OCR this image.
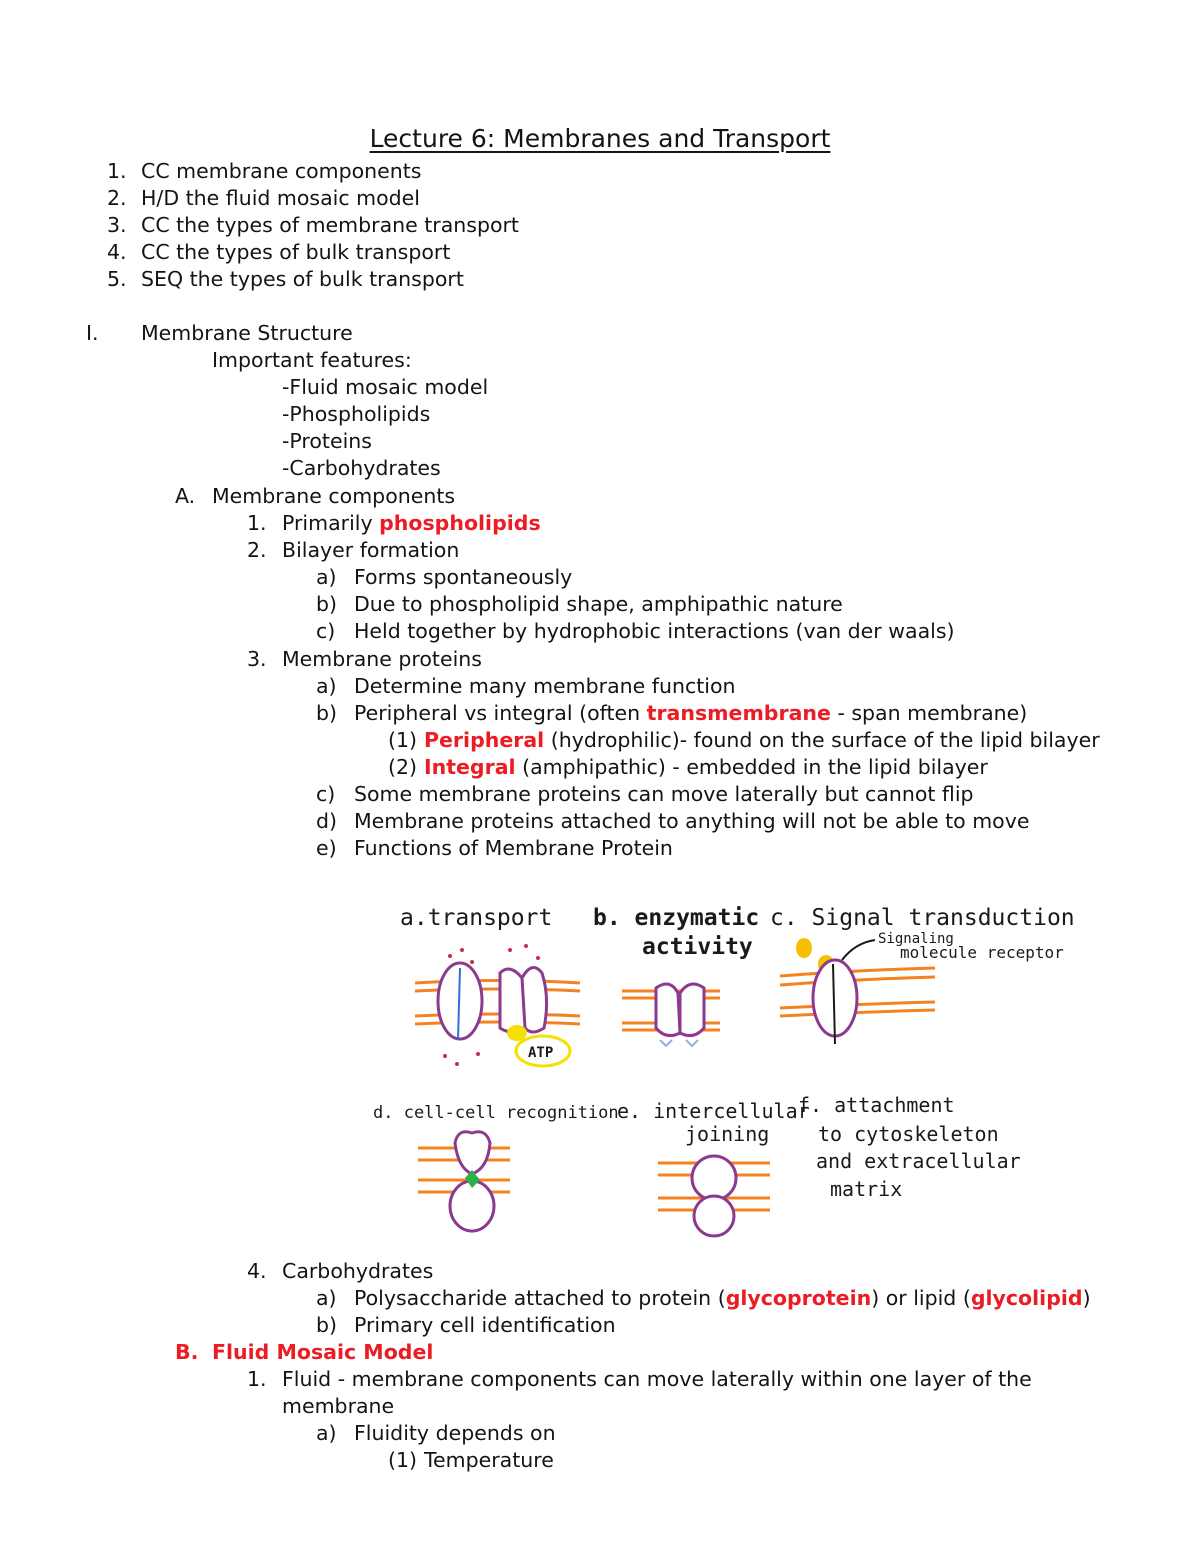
Lecture 6: Membranes and Transport
1. CC membrane components
2. H/D the fluid mosaic model
3. CC the types of membrane transport
4. CC the types of bulk transport
5. SEQ the types of bulk transport
I. Membrane Structure
Important features:
-Fluid mosaic model
-Phospholipids
-Proteins
-Carbohydrates
A. Membrane components
1. Primarily phospholipids
2. Bilayer formation
a) Forms spontaneously
b) Due to phospholipid shape, amphipathic nature
c) Held together by hydrophobic interactions (van der waals)
3. Membrane proteins
a) Determine many membrane function
b) Peripheral vs integral (often transmembrane - span membrane)
(1) Peripheral (hydrophilic)- found on the surface of the lipid bilayer
(2) Integral (amphipathic) - embedded in the lipid bilayer
c) Some membrane proteins can move laterally but cannot flip
d) Membrane proteins attached to anything will not be able to move
e) Functions of Membrane Protein
a.transport
ATP
b. enzymatic
activity
c. Signal transduction
Signaling
molecule receptor
d. cell-cell recognition
e. intercellular
joining
f. attachment
to cytoskeleton
and extracellular
matrix
4. Carbohydrates
a) Polysaccharide attached to protein (glycoprotein) or lipid (glycolipid)
b) Primary cell identification
B. Fluid Mosaic Model
1. Fluid - membrane components can move laterally within one layer of the
membrane
a) Fluidity depends on
(1) Temperature
